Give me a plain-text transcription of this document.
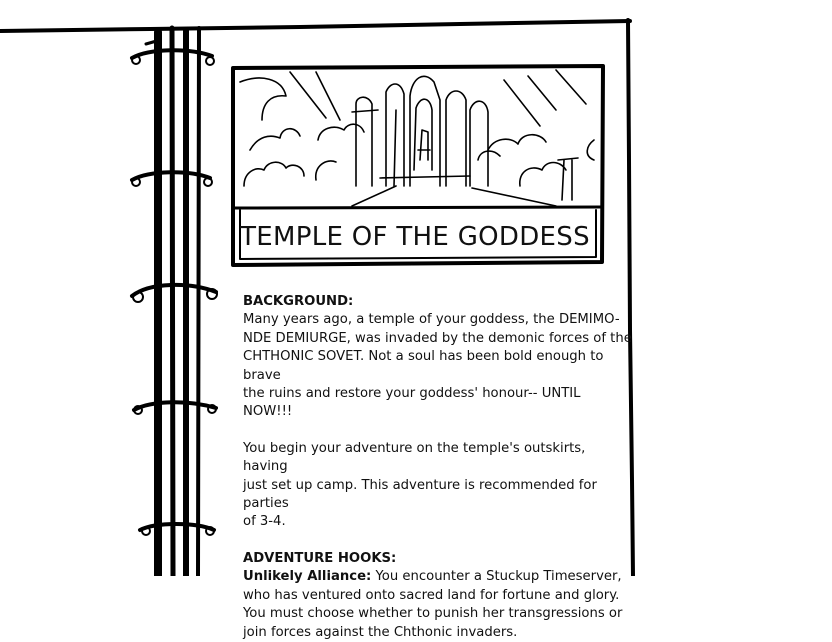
TEMPLE OF THE GODDESS

BACKGROUND:

Many years ago, a temple of your goddess, the DEMIMO-

NDE DEMIURGE, was invaded by the demonic forces of the

CHTHONIC SOVET. Not a soul has been bold enough to brave

the ruins and restore your goddess' honour-- UNTIL NOW!!!

You begin your adventure on the temple's outskirts, having

just set up camp. This adventure is recommended for parties

of 3-4.

ADVENTURE HOOKS:

Unlikely Alliance: You encounter a Stuckup Timeserver,

who has ventured onto sacred land for fortune and glory.

You must choose whether to punish her transgressions or

join forces against the Chthonic invaders.
